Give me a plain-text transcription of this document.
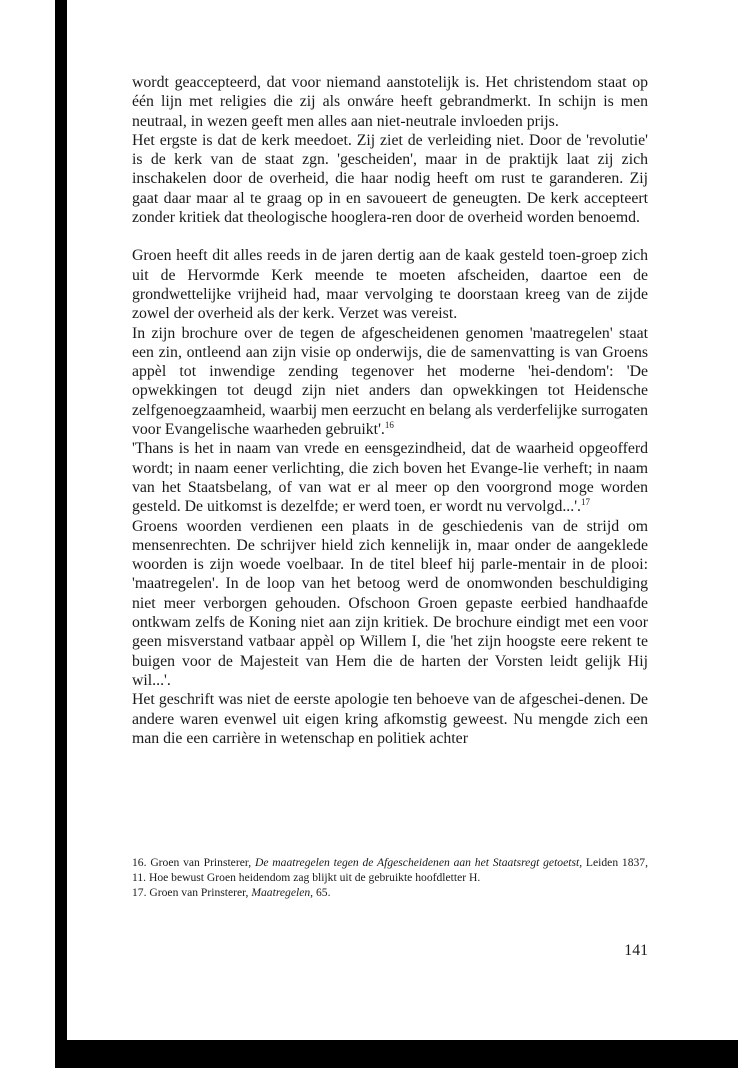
wordt geaccepteerd, dat voor niemand aanstotelijk is. Het christendom staat op één lijn met religies die zij als onwáre heeft gebrandmerkt. In schijn is men neutraal, in wezen geeft men alles aan niet-neutrale invloeden prijs.

Het ergste is dat de kerk meedoet. Zij ziet de verleiding niet. Door de 'revolutie' is de kerk van de staat zgn. 'gescheiden', maar in de praktijk laat zij zich inschakelen door de overheid, die haar nodig heeft om rust te garanderen. Zij gaat daar maar al te graag op in en savoueert de geneugten. De kerk accepteert zonder kritiek dat theologische hooglera-ren door de overheid worden benoemd.

Groen heeft dit alles reeds in de jaren dertig aan de kaak gesteld toen-groep zich uit de Hervormde Kerk meende te moeten afscheiden, daartoe een de grondwettelijke vrijheid had, maar vervolging te doorstaan kreeg van de zijde zowel der overheid als der kerk. Verzet was vereist.

In zijn brochure over de tegen de afgescheidenen genomen 'maatregelen' staat een zin, ontleend aan zijn visie op onderwijs, die de samenvatting is van Groens appèl tot inwendige zending tegenover het moderne 'hei-dendom': 'De opwekkingen tot deugd zijn niet anders dan opwekkingen tot Heidensche zelfgenoegzaamheid, waarbij men eerzucht en belang als verderfelijke surrogaten voor Evangelische waarheden gebruikt'.$^{16}$

'Thans is het in naam van vrede en eensgezindheid, dat de waarheid opgeofferd wordt; in naam eener verlichting, die zich boven het Evange-lie verheft; in naam van het Staatsbelang, of van wat er al meer op den voorgrond moge worden gesteld. De uitkomst is dezelfde; er werd toen, er wordt nu vervolgd...'.$^{17}$

Groens woorden verdienen een plaats in de geschiedenis van de strijd om mensenrechten. De schrijver hield zich kennelijk in, maar onder de aangeklede woorden is zijn woede voelbaar. In de titel bleef hij parle-mentair in de plooi: 'maatregelen'. In de loop van het betoog werd de onomwonden beschuldiging niet meer verborgen gehouden. Ofschoon Groen gepaste eerbied handhaafde ontkwam zelfs de Koning niet aan zijn kritiek. De brochure eindigt met een voor geen misverstand vatbaar appèl op Willem I, die 'het zijn hoogste eere rekent te buigen voor de Majesteit van Hem die de harten der Vorsten leidt gelijk Hij wil...'.

Het geschrift was niet de eerste apologie ten behoeve van de afgeschei-denen. De andere waren evenwel uit eigen kring afkomstig geweest. Nu mengde zich een man die een carrière in wetenschap en politiek achter

16. Groen van Prinsterer, De maatregelen tegen de Afgescheidenen aan het Staatsregt getoetst, Leiden 1837, 11. Hoe bewust Groen heidendom zag blijkt uit de gebruikte hoofdletter H.

17. Groen van Prinsterer, Maatregelen, 65.

141
